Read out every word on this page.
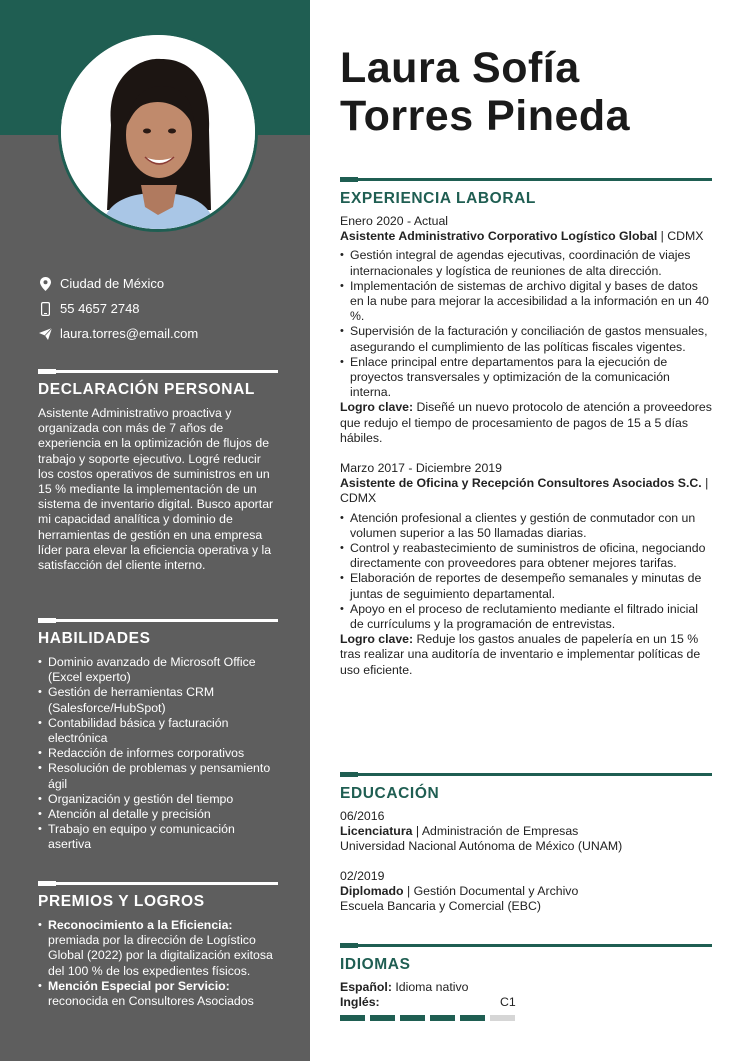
Ciudad de México
55 4657 2748
laura.torres@email.com
DECLARACIÓN PERSONAL
Asistente Administrativo proactiva y organizada con más de 7 años de experiencia en la optimización de flujos de trabajo y soporte ejecutivo. Logré reducir los costos operativos de suministros en un 15 % mediante la implementación de un sistema de inventario digital. Busco aportar mi capacidad analítica y dominio de herramientas de gestión en una empresa líder para elevar la eficiencia operativa y la satisfacción del cliente interno.
HABILIDADES
• Dominio avanzado de Microsoft Office (Excel experto)
• Gestión de herramientas CRM (Salesforce/HubSpot)
• Contabilidad básica y facturación electrónica
• Redacción de informes corporativos
• Resolución de problemas y pensamiento ágil
• Organización y gestión del tiempo
• Atención al detalle y precisión
• Trabajo en equipo y comunicación asertiva
PREMIOS Y LOGROS
• Reconocimiento a la Eficiencia: premiada por la dirección de Logístico Global (2022) por la digitalización exitosa del 100 % de los expedientes físicos.
• Mención Especial por Servicio: reconocida en Consultores Asociados
Laura Sofía
Torres Pineda
EXPERIENCIA LABORAL
Enero 2020 - Actual
Asistente Administrativo Corporativo Logístico Global | CDMX
• Gestión integral de agendas ejecutivas, coordinación de viajes internacionales y logística de reuniones de alta dirección.
• Implementación de sistemas de archivo digital y bases de datos en la nube para mejorar la accesibilidad a la información en un 40 %.
• Supervisión de la facturación y conciliación de gastos mensuales, asegurando el cumplimiento de las políticas fiscales vigentes.
• Enlace principal entre departamentos para la ejecución de proyectos transversales y optimización de la comunicación interna.
Logro clave: Diseñé un nuevo protocolo de atención a proveedores que redujo el tiempo de procesamiento de pagos de 15 a 5 días hábiles.
Marzo 2017 - Diciembre 2019
Asistente de Oficina y Recepción Consultores Asociados S.C. | CDMX
• Atención profesional a clientes y gestión de conmutador con un volumen superior a las 50 llamadas diarias.
• Control y reabastecimiento de suministros de oficina, negociando directamente con proveedores para obtener mejores tarifas.
• Elaboración de reportes de desempeño semanales y minutas de juntas de seguimiento departamental.
• Apoyo en el proceso de reclutamiento mediante el filtrado inicial de currículums y la programación de entrevistas.
Logro clave: Reduje los gastos anuales de papelería en un 15 % tras realizar una auditoría de inventario e implementar políticas de uso eficiente.
EDUCACIÓN
06/2016
Licenciatura | Administración de Empresas
Universidad Nacional Autónoma de México (UNAM)
02/2019
Diplomado | Gestión Documental y Archivo
Escuela Bancaria y Comercial (EBC)
IDIOMAS
Español:
Idioma nativo
Inglés:	C1
